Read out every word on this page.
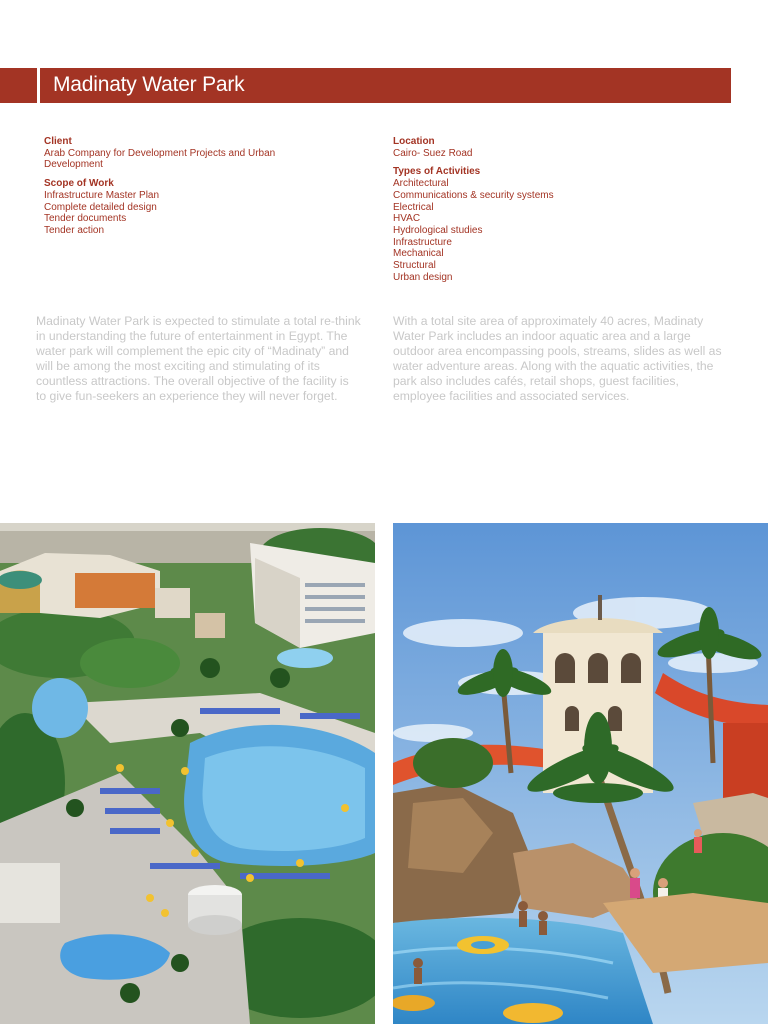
Madinaty Water Park
Client
Arab Company for Development Projects and Urban Development
Scope of Work
Infrastructure Master Plan
Complete detailed design
Tender documents
Tender action
Location
Cairo- Suez Road
Types of Activities
Architectural
Communications & security systems
Electrical
HVAC
Hydrological studies
Infrastructure
Mechanical
Structural
Urban design
Madinaty Water Park is expected to stimulate a total re-think in understanding the future of entertainment in Egypt. The water park will complement the epic city of “Madinaty” and will be among the most exciting and stimulating of its countless attractions. The overall objective of the facility is to give fun-seekers an experience they will never forget.
With a total site area of approximately 40 acres, Madinaty Water Park includes an indoor aquatic area and a large outdoor area encompassing pools, streams, slides as well as water adventure areas. Along with the aquatic activities, the park also includes cafés, retail shops, guest facilities, employee facilities and associated services.
